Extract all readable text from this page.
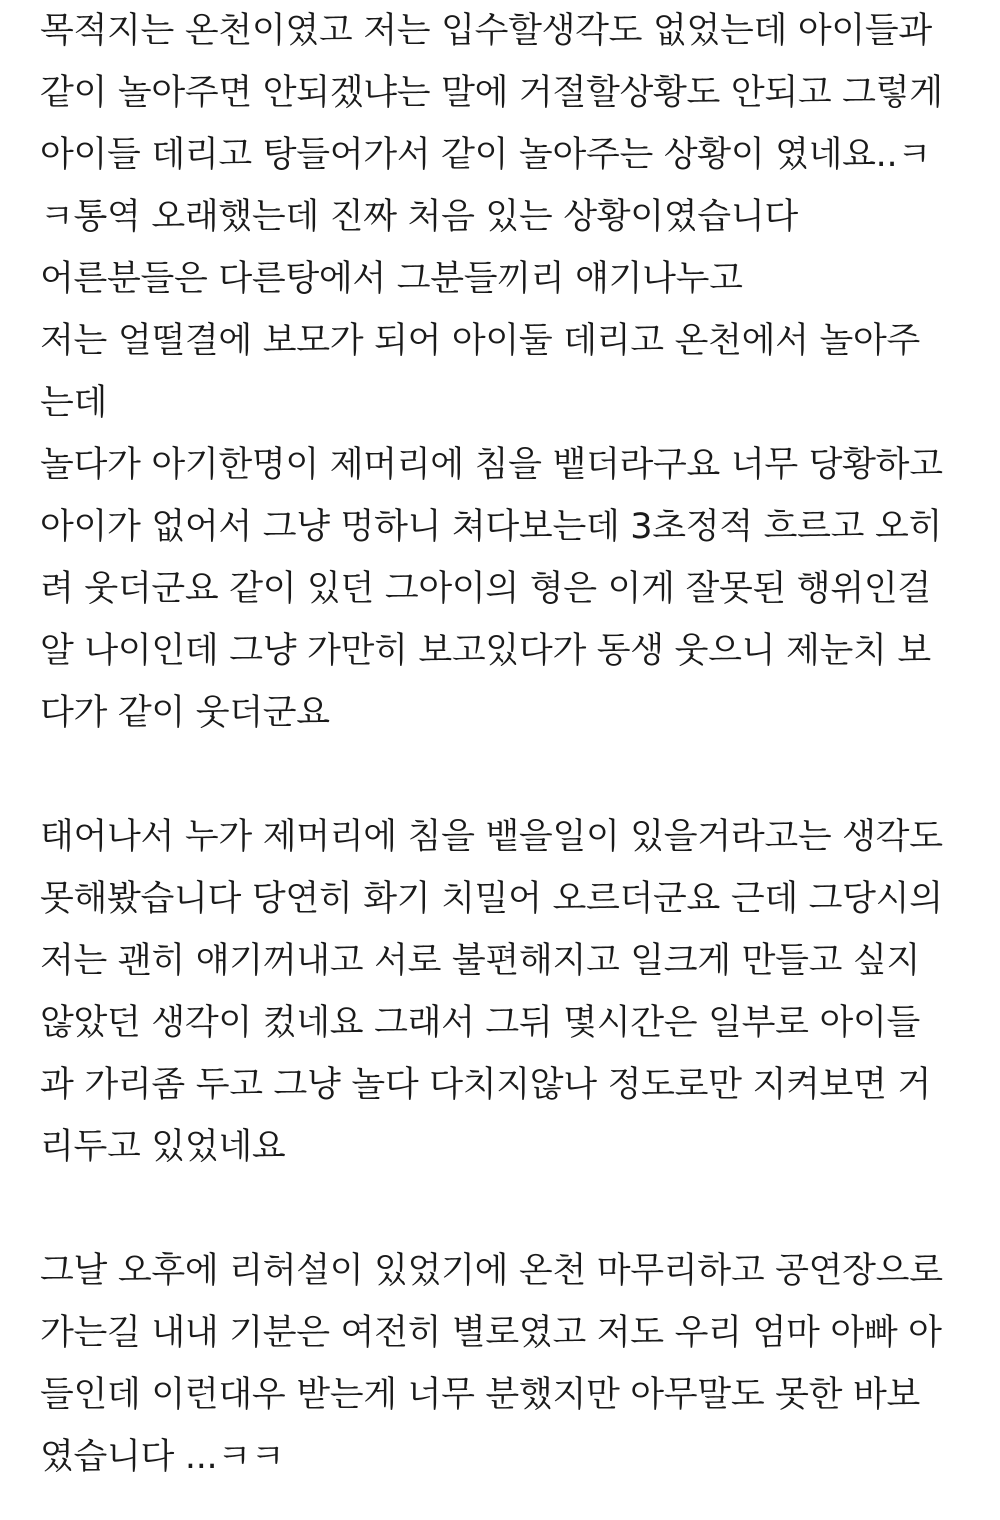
목적지는 온천이였고 저는 입수할생각도 없었는데 아이들과
같이 놀아주면 안되겠냐는 말에 거절할상황도 안되고 그렇게
아이들 데리고 탕들어가서 같이 놀아주는 상황이 였네요..ㅋ
ㅋ통역 오래했는데 진짜 처음 있는 상황이였습니다
어른분들은 다른탕에서 그분들끼리 얘기나누고
저는 얼떨결에 보모가 되어 아이둘 데리고 온천에서 놀아주
는데
놀다가 아기한명이 제머리에 침을 뱉더라구요 너무 당황하고
아이가 없어서 그냥 멍하니 쳐다보는데 3초정적 흐르고 오히
려 웃더군요 같이 있던 그아이의 형은 이게 잘못된 행위인걸
알 나이인데 그냥 가만히 보고있다가 동생 웃으니 제눈치 보
다가 같이 웃더군요
태어나서 누가 제머리에 침을 뱉을일이 있을거라고는 생각도
못해봤습니다 당연히 화기 치밀어 오르더군요 근데 그당시의
저는 괜히 얘기꺼내고 서로 불편해지고 일크게 만들고 싶지
않았던 생각이 컸네요 그래서 그뒤 몇시간은 일부로 아이들
과 가리좀 두고 그냥 놀다 다치지않나 정도로만 지켜보면 거
리두고 있었네요
그날 오후에 리허설이 있었기에 온천 마무리하고 공연장으로
가는길 내내 기분은 여전히 별로였고 저도 우리 엄마 아빠 아
들인데 이런대우 받는게 너무 분했지만 아무말도 못한 바보
였습니다 ...ㅋㅋ
